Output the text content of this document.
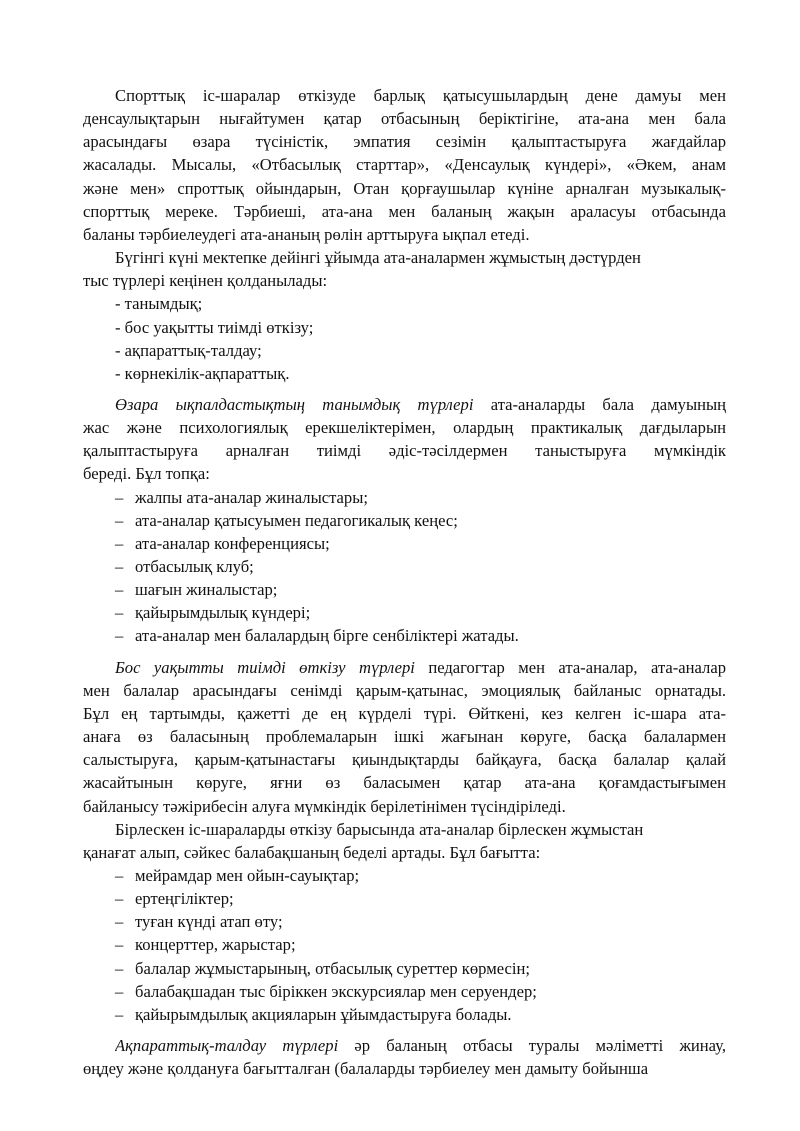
Спорттық іс-шаралар өткізуде барлық қатысушылардың дене дамуы мен
денсаулықтарын нығайтумен қатар отбасының беріктігіне, ата-ана мен бала
арасындағы өзара түсіністік, эмпатия сезімін қалыптастыруға жағдайлар
жасалады. Мысалы, «Отбасылық старттар», «Денсаулық күндері», «Әкем, анам
және мен» спроттық ойындарын, Отан қорғаушылар күніне арналған музыкалық-
спорттық мереке. Тәрбиеші, ата-ана мен баланың жақын араласуы отбасында
баланы тәрбиелеудегі ата-ананың рөлін арттыруға ықпал етеді.
Бүгінгі күні мектепке дейінгі ұйымда ата-аналармен жұмыстың дәстүрден
тыс түрлері кеңінен қолданылады:
- танымдық;
- бос уақытты тиімді өткізу;
- ақпараттық-талдау;
- көрнекілік-ақпараттық.
Өзара ықпалдастықтың танымдық түрлері ата-аналарды бала дамуының
жас және психологиялық ерекшеліктерімен, олардың практикалық дағдыларын
қалыптастыруға арналған тиімді әдіс-тәсілдермен таныстыруға мүмкіндік
береді. Бұл топқа:
– жалпы ата-аналар жиналыстары;
– ата-аналар қатысуымен педагогикалық кеңес;
– ата-аналар конференциясы;
– отбасылық клуб;
– шағын жиналыстар;
– қайырымдылық күндері;
– ата-аналар мен балалардың бірге сенбіліктері жатады.
Бос уақытты тиімді өткізу түрлері педагогтар мен ата-аналар, ата-аналар
мен балалар арасындағы сенімді қарым-қатынас, эмоциялық байланыс орнатады.
Бұл ең тартымды, қажетті де ең күрделі түрі. Өйткені, кез келген іс-шара ата-
анаға өз баласының проблемаларын ішкі жағынан көруге, басқа балалармен
салыстыруға, қарым-қатынастағы қиындықтарды байқауға, басқа балалар қалай
жасайтынын көруге, яғни өз баласымен қатар ата-ана қоғамдастығымен
байланысу тәжірибесін алуға мүмкіндік берілетінімен түсіндіріледі.
Бірлескен іс-шараларды өткізу барысында ата-аналар бірлескен жұмыстан
қанағат алып, сәйкес балабақшаның беделі артады. Бұл бағытта:
– мейрамдар мен ойын-сауықтар;
– ертеңгіліктер;
– туған күнді атап өту;
– концерттер, жарыстар;
– балалар жұмыстарының, отбасылық суреттер көрмесін;
– балабақшадан тыс біріккен экскурсиялар мен серуендер;
– қайырымдылық акцияларын ұйымдастыруға болады.
Ақпараттық-талдау түрлері әр баланың отбасы туралы мәліметті жинау,
өңдеу және қолдануға бағытталған (балаларды тәрбиелеу мен дамыту бойынша
